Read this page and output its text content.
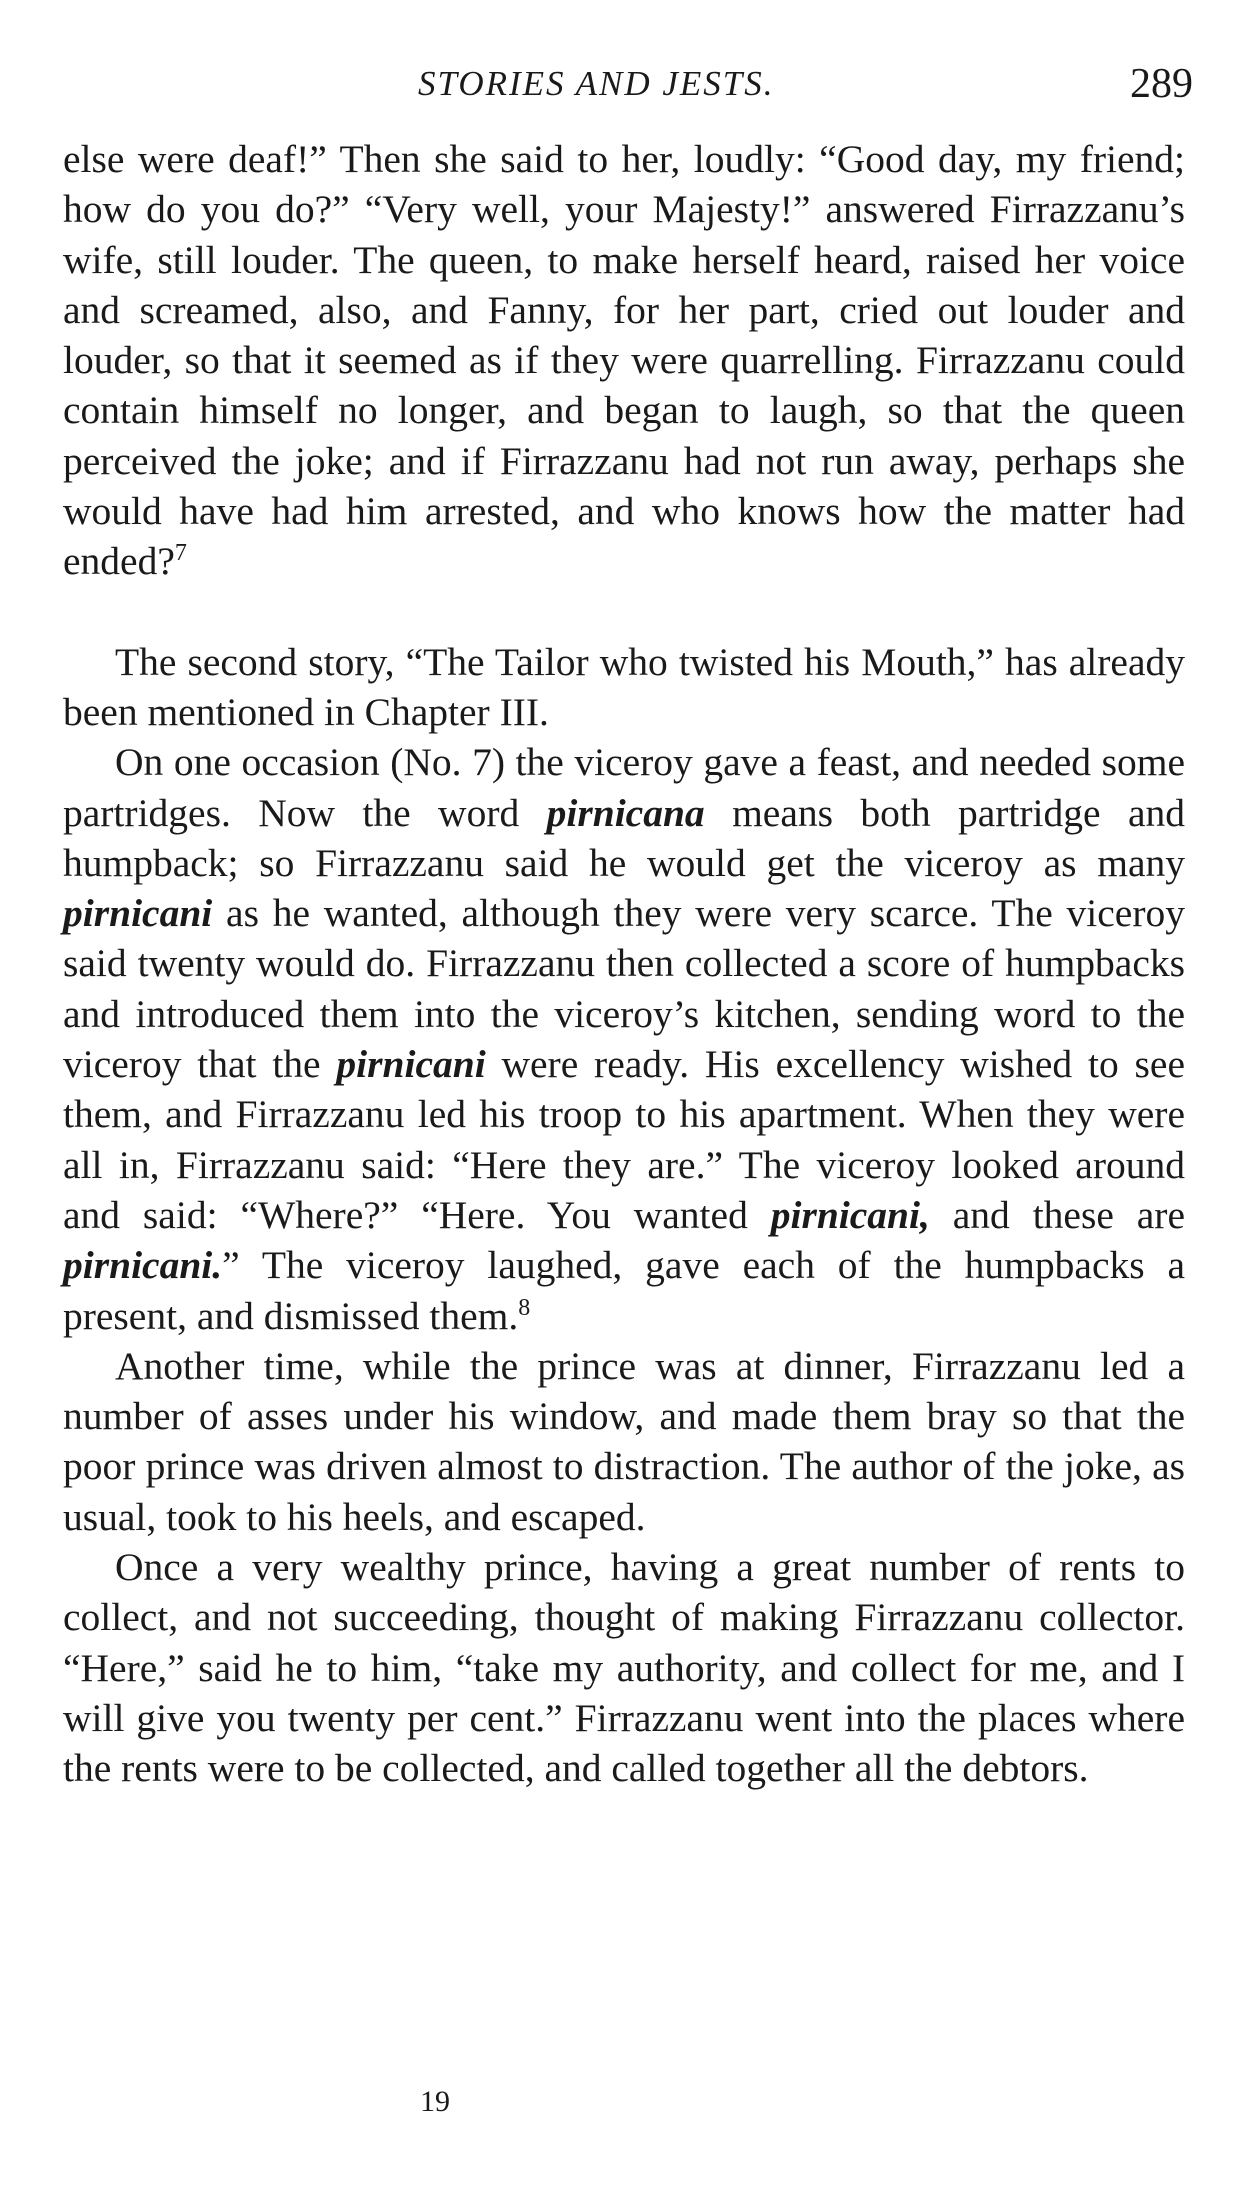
STORIES AND JESTS.	289

else were deaf!” Then she said to her, loudly: “Good day, my friend; how do you do?” “Very well, your Majesty!” answered Firrazzanu’s wife, still louder. The queen, to make herself heard, raised her voice and screamed, also, and Fanny, for her part, cried out louder and louder, so that it seemed as if they were quarrelling. Firrazzanu could contain himself no longer, and began to laugh, so that the queen perceived the joke; and if Firrazzanu had not run away, perhaps she would have had him arrested, and who knows how the matter had ended?$^7$

The second story, “The Tailor who twisted his Mouth,” has already been mentioned in Chapter III.

On one occasion (No. 7) the viceroy gave a feast, and needed some partridges. Now the word pirnicana means both partridge and humpback; so Firrazzanu said he would get the viceroy as many pirnicani as he wanted, although they were very scarce. The viceroy said twenty would do. Firrazzanu then collected a score of humpbacks and introduced them into the viceroy’s kitchen, sending word to the viceroy that the pirnicani were ready. His excellency wished to see them, and Firrazzanu led his troop to his apartment. When they were all in, Firrazzanu said: “Here they are.” The viceroy looked around and said: “Where?” “Here. You wanted pirnicani, and these are pirnicani.” The viceroy laughed, gave each of the humpbacks a present, and dismissed them.$^8$

Another time, while the prince was at dinner, Firrazzanu led a number of asses under his window, and made them bray so that the poor prince was driven almost to distraction. The author of the joke, as usual, took to his heels, and escaped.

Once a very wealthy prince, having a great number of rents to collect, and not succeeding, thought of making Firrazzanu collector. “Here,” said he to him, “take my authority, and collect for me, and I will give you twenty per cent.” Firrazzanu went into the places where the rents were to be collected, and called together all the debtors.

19
